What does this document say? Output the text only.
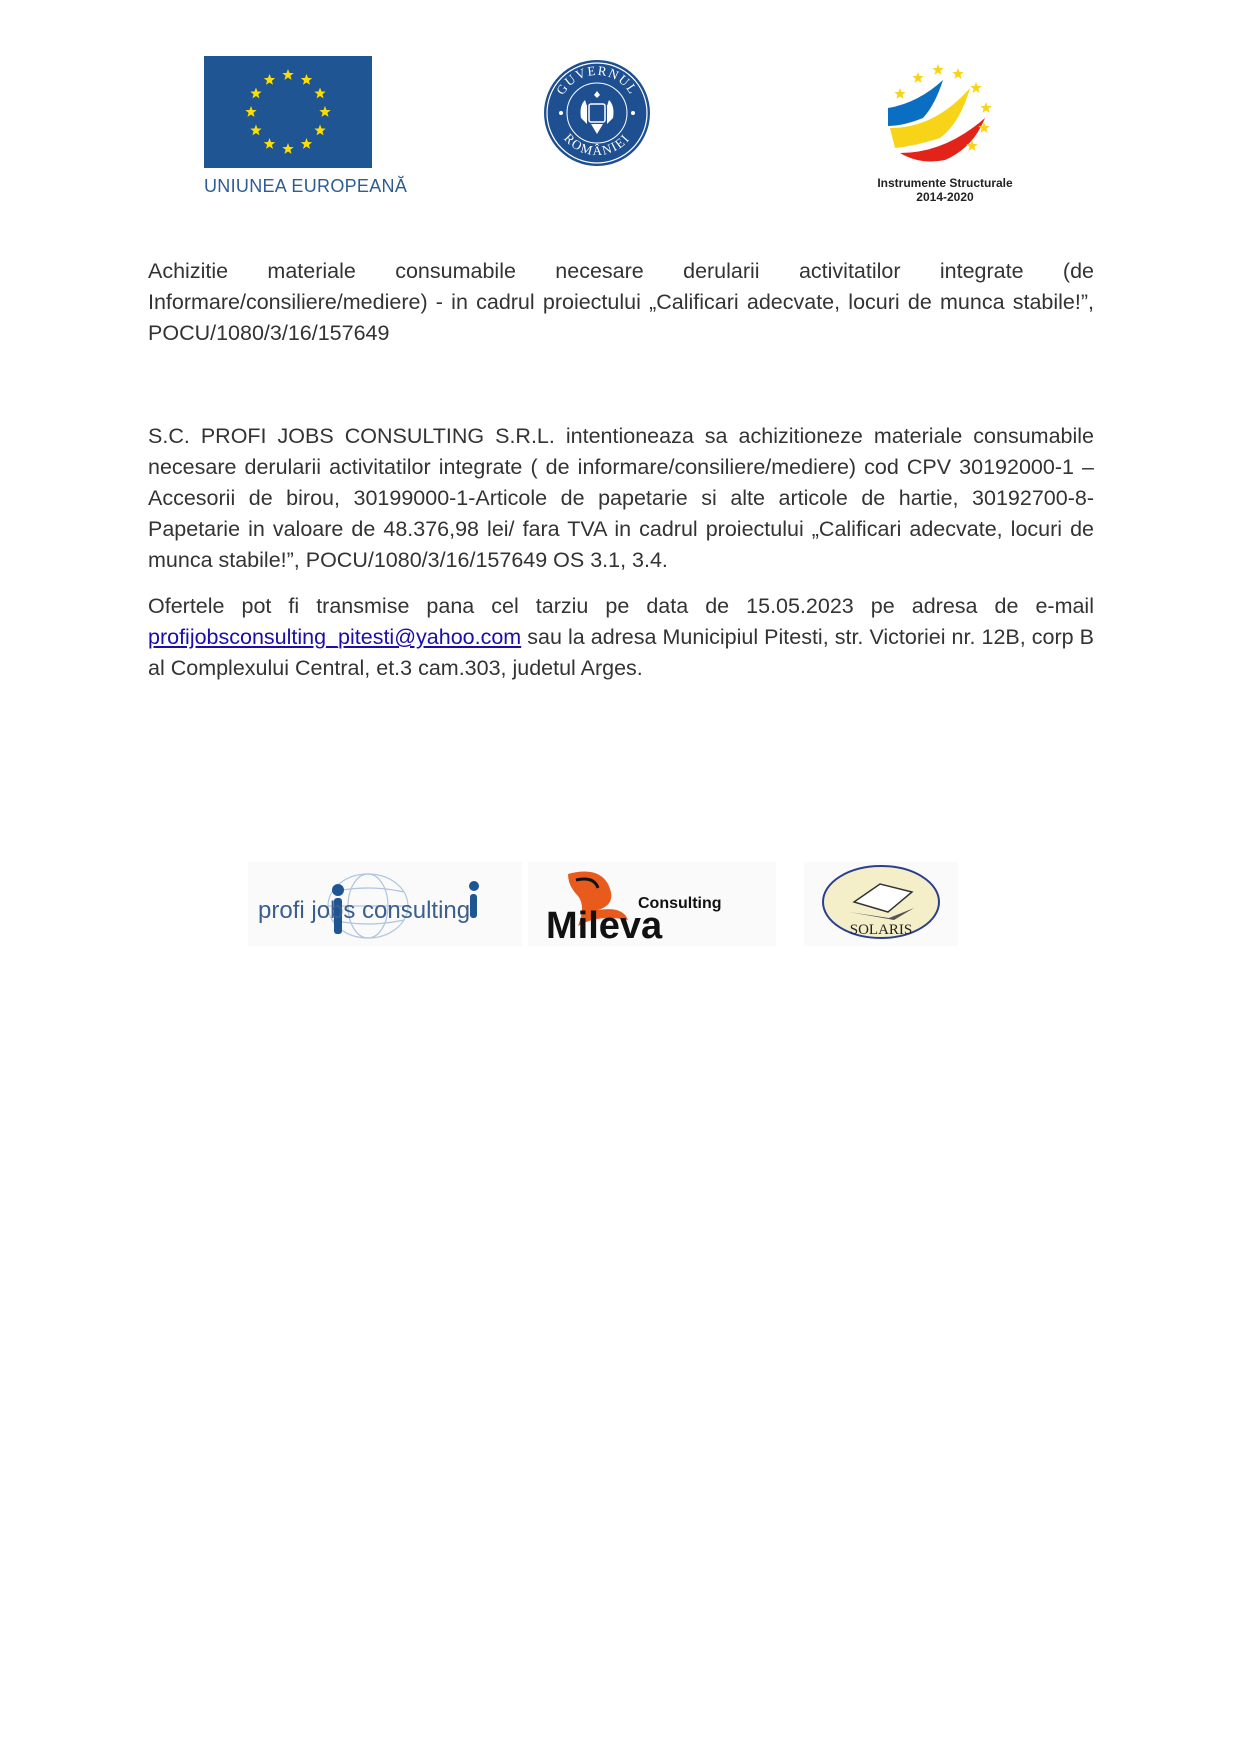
UNIUNEA EUROPEANĂ
GUVERNUL
ROMÂNIEI
Instrumente Structurale
2014-2020
Achizitie materiale consumabile necesare derularii activitatilor integrate (de Informare/consiliere/mediere) - in cadrul proiectului „Calificari adecvate, locuri de munca stabile!”, POCU/1080/3/16/157649
S.C. PROFI JOBS CONSULTING S.R.L. intentioneaza sa achizitioneze materiale consumabile necesare derularii activitatilor integrate ( de informare/consiliere/mediere) cod CPV 30192000-1 – Accesorii de birou, 30199000-1-Articole de papetarie si alte articole de hartie, 30192700-8-Papetarie in valoare de 48.376,98 lei/ fara TVA in cadrul proiectului „Calificari adecvate, locuri de munca stabile!”, POCU/1080/3/16/157649 OS 3.1, 3.4.
Ofertele pot fi transmise pana cel tarziu pe data de 15.05.2023 pe adresa de e-mail profijobsconsulting_pitesti@yahoo.com sau la adresa Municipiul Pitesti, str. Victoriei nr. 12B, corp B al Complexului Central, et.3 cam.303, judetul Arges.
profi jobs consulting	Consulting
Mileva	SOLARIS
